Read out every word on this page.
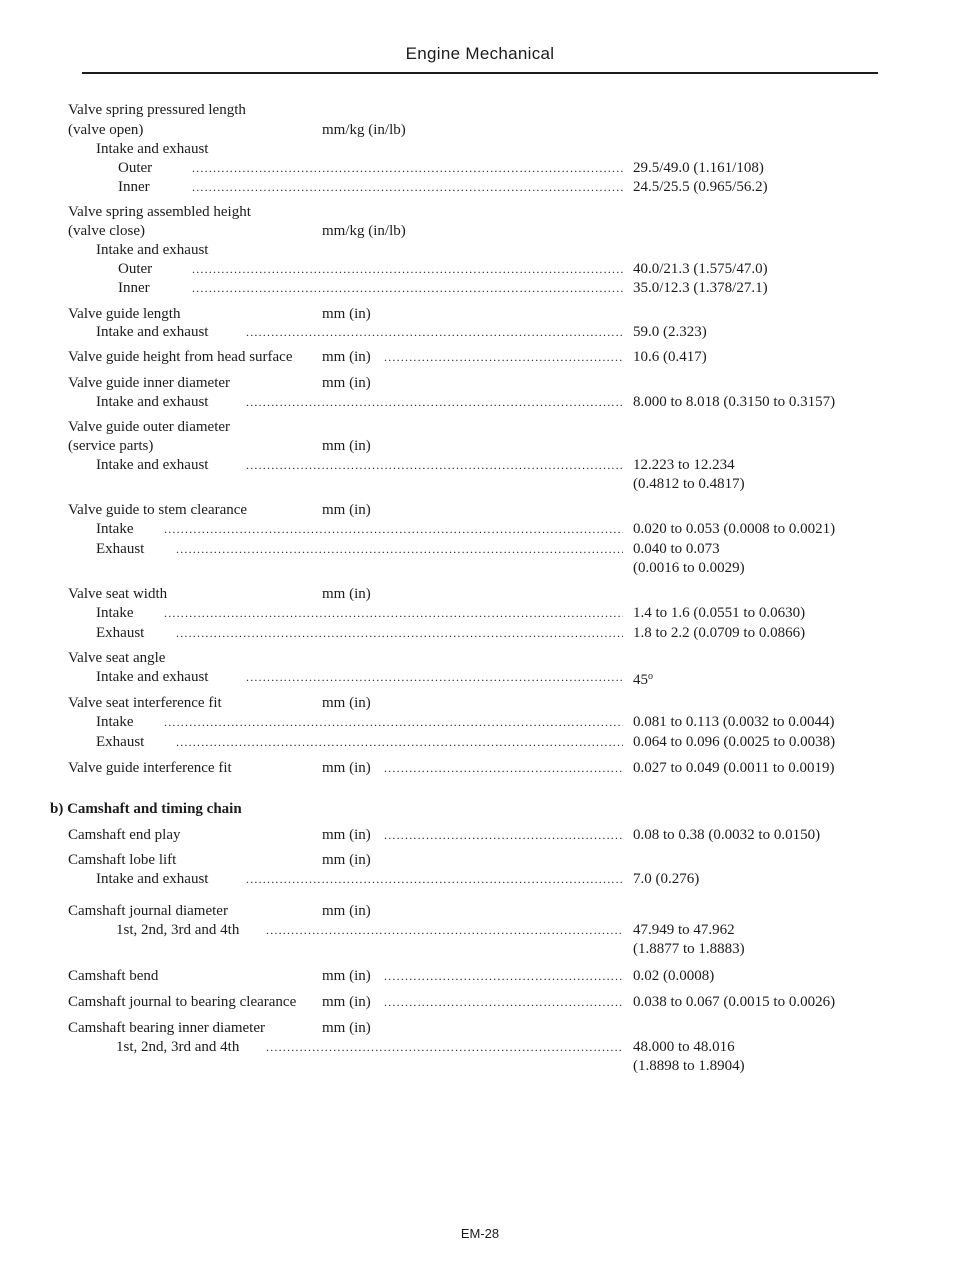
Engine Mechanical
Valve spring pressured length
(valve open)	mm/kg (in/lb)
Intake and exhaust
Outer .....	29.5/49.0 (1.161/108)
Inner .....	24.5/25.5 (0.965/56.2)
Valve spring assembled height
(valve close)	mm/kg (in/lb)
Intake and exhaust
Outer .....	40.0/21.3 (1.575/47.0)
Inner .....	35.0/12.3 (1.378/27.1)
Valve guide length	mm (in)
Intake and exhaust .....	59.0 (2.323)
Valve guide height from head surface mm (in) .....	10.6 (0.417)
Valve guide inner diameter	mm (in)
Intake and exhaust .....	8.000 to 8.018 (0.3150 to 0.3157)
Valve guide outer diameter
(service parts)	mm (in)
Intake and exhaust .....	12.223 to 12.234
(0.4812 to 0.4817)
Valve guide to stem clearance	mm (in)
Intake .....	0.020 to 0.053 (0.0008 to 0.0021)
Exhaust .....	0.040 to 0.073
(0.0016 to 0.0029)
Valve seat width	mm (in)
Intake .....	1.4 to 1.6 (0.0551 to 0.0630)
Exhaust .....	1.8 to 2.2 (0.0709 to 0.0866)
Valve seat angle
Intake and exhaust .....	45$^o$
Valve seat interference fit	mm (in)
Intake .....	0.081 to 0.113 (0.0032 to 0.0044)
Exhaust .....	0.064 to 0.096 (0.0025 to 0.0038)
Valve guide interference fit	mm (in) .....	0.027 to 0.049 (0.0011 to 0.0019)
b) Camshaft and timing chain
Camshaft end play	mm (in) .....	0.08 to 0.38 (0.0032 to 0.0150)
Camshaft lobe lift	mm (in)
Intake and exhaust .....	7.0 (0.276)
Camshaft journal diameter	mm (in)
1st, 2nd, 3rd and 4th .....	47.949 to 47.962
(1.8877 to 1.8883)
Camshaft bend	mm (in) .....	0.02 (0.0008)
Camshaft journal to bearing clearance mm (in) .....	0.038 to 0.067 (0.0015 to 0.0026)
Camshaft bearing inner diameter	mm (in)
1st, 2nd, 3rd and 4th .....	48.000 to 48.016
(1.8898 to 1.8904)
EM-28
